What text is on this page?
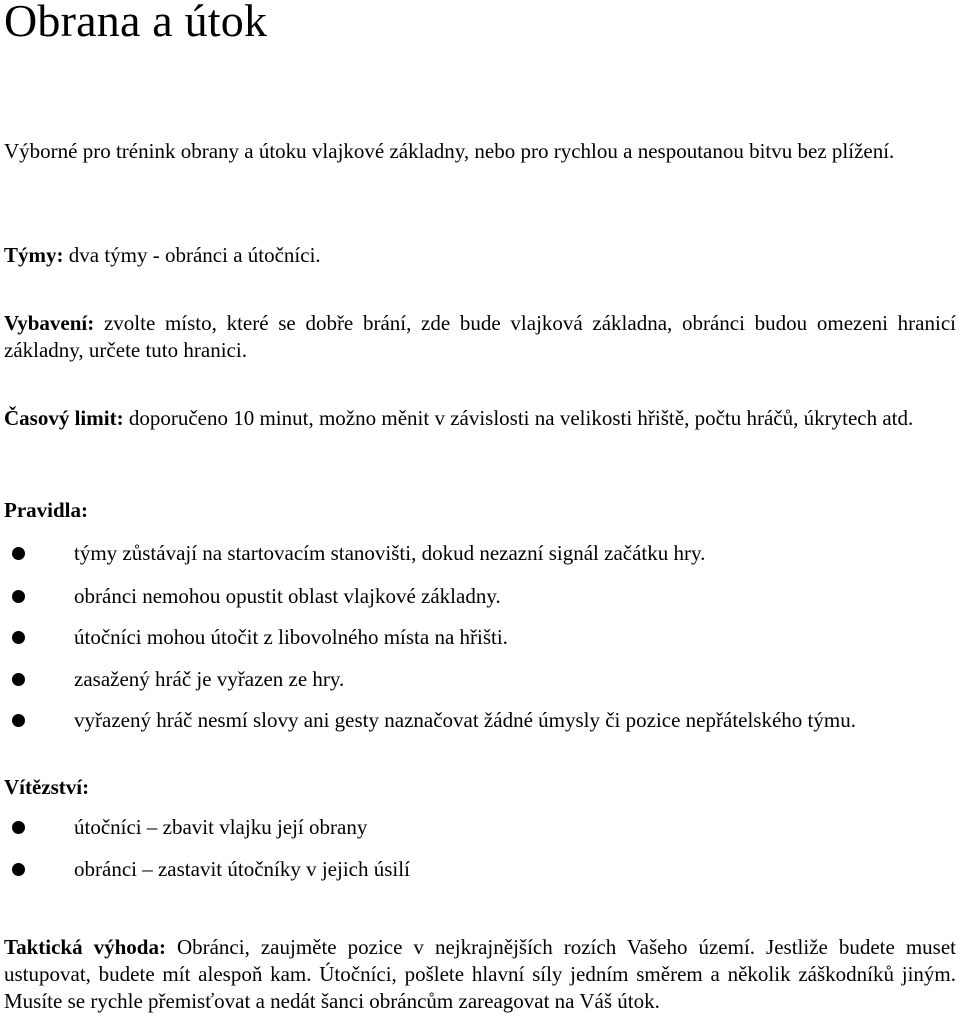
Obrana a útok

Výborné pro trénink obrany a útoku vlajkové základny, nebo pro rychlou a nespoutanou bitvu bez plížení.

Týmy: dva týmy - obránci a útočníci.

Vybavení: zvolte místo, které se dobře brání, zde bude vlajková základna, obránci budou omezeni hranicí základny, určete tuto hranici.

Časový limit: doporučeno 10 minut, možno měnit v závislosti na velikosti hřiště, počtu hráčů, úkrytech atd.

Pravidla:
týmy zůstávají na startovacím stanovišti, dokud nezazní signál začátku hry.
obránci nemohou opustit oblast vlajkové základny.
útočníci mohou útočit z libovolného místa na hřišti.
zasažený hráč je vyřazen ze hry.
vyřazený hráč nesmí slovy ani gesty naznačovat žádné úmysly či pozice nepřátelského týmu.
Vítězství:
útočníci – zbavit vlajku její obrany
obránci – zastavit útočníky v jejich úsilí

Taktická výhoda: Obránci, zaujměte pozice v nejkrajnějších rozích Vašeho území. Jestliže budete muset ustupovat, budete mít alespoň kam. Útočníci, pošlete hlavní síly jedním směrem a několik záškodníků jiným. Musíte se rychle přemisťovat a nedát šanci obráncům zareagovat na Váš útok.
